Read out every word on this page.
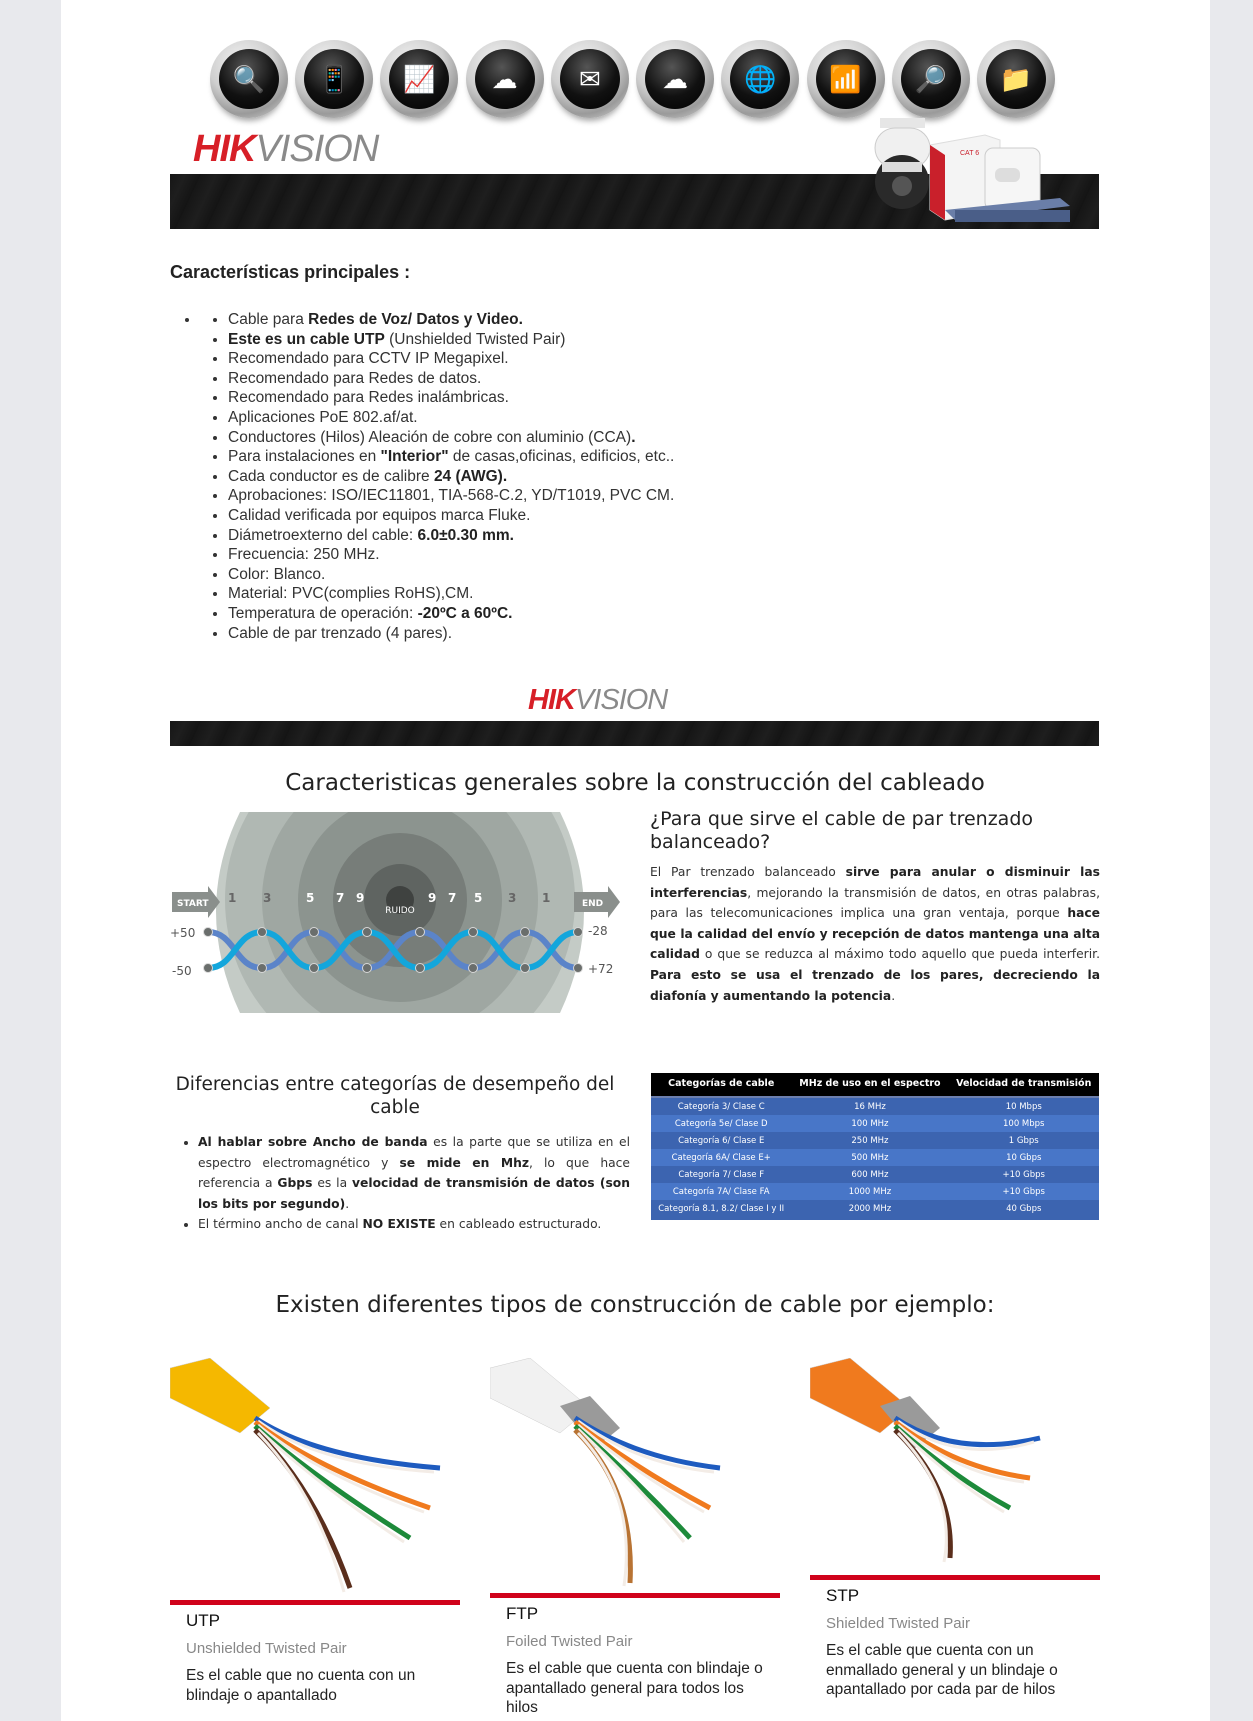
🔍	📱	📈	☁	✉	☁	🌐	📶	🔎	📁
HIKVISION	CAT 6
Características principales :
• • Cable para Redes de Voz/ Datos y Video.
• Este es un cable UTP (Unshielded Twisted Pair)
• Recomendado para CCTV IP Megapixel.
• Recomendado para Redes de datos.
• Recomendado para Redes inalámbricas.
• Aplicaciones PoE 802.af/at.
• Conductores (Hilos) Aleación de cobre con aluminio (CCA).
• Para instalaciones en "Interior" de casas,oficinas, edificios, etc..
• Cada conductor es de calibre 24 (AWG).
• Aprobaciones: ISO/IEC11801, TIA-568-C.2, YD/T1019, PVC CM.
• Calidad verificada por equipos marca Fluke.
• Diámetroexterno del cable: 6.0±0.30 mm.
• Frecuencia: 250 MHz.
• Color: Blanco.
• Material: PVC(complies RoHS),CM.
• Temperatura de operación: -20ºC a 60ºC.
• Cable de par trenzado (4 pares).
HIKVISION
Caracteristicas generales sobre la construcción del cableado
START	END
RUIDO
1 3	5 7 9	9 7 5 3 1
+50
-50
-28
+72
¿Para que sirve el cable de par trenzado balanceado?
El Par trenzado balanceado sirve para anular o disminuir las interferencias, mejorando la transmisión de datos, en otras palabras, para las telecomunicaciones implica una gran ventaja, porque hace que la calidad del envío y recepción de datos mantenga una alta calidad o que se reduzca al máximo todo aquello que pueda interferir. Para esto se usa el trenzado de los pares, decreciendo la diafonía y aumentando la potencia.
Diferencias entre categorías de desempeño del cable
• Al hablar sobre Ancho de banda es la parte que se utiliza en el espectro electromagnético y se mide en Mhz, lo que hace referencia a Gbps es la velocidad de transmisión de datos (son los bits por segundo).
• El término ancho de canal NO EXISTE en cableado estructurado.
Categorías de cable	MHz de uso en el espectro	Velocidad de transmisión
Categoría 3/ Clase C	16 MHz	10 Mbps
Categoría 5e/ Clase D	100 MHz	100 Mbps
Categoría 6/ Clase E	250 MHz	1 Gbps
Categoría 6A/ Clase E+	500 MHz	10 Gbps
Categoría 7/ Clase F	600 MHz	+10 Gbps
Categoría 7A/ Clase FA	1000 MHz	+10 Gbps
Categoría 8.1, 8.2/ Clase I y II	2000 MHz	40 Gbps

Existen diferentes tipos de construcción de cable por ejemplo:
UTP
Unshielded Twisted Pair
Es el cable que no cuenta con un blindaje o apantallado
FTP
Foiled Twisted Pair
Es el cable que cuenta con blindaje o apantallado general para todos los hilos
STP
Shielded Twisted Pair
Es el cable que cuenta con un enmallado general y un blindaje o apantallado por cada par de hilos
